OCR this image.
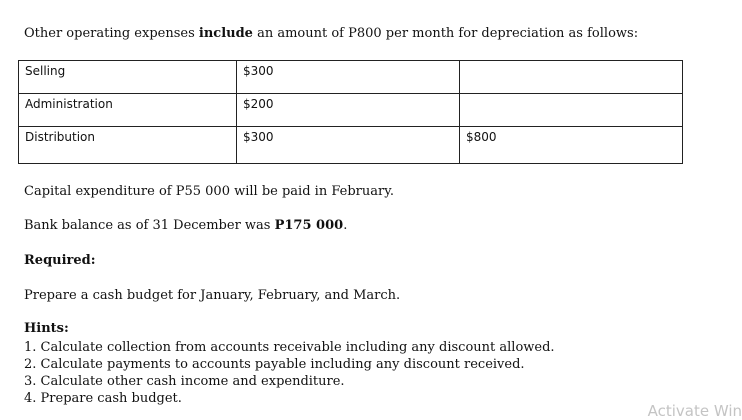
Other operating expenses include an amount of P800 per month for depreciation as follows:
Selling	$300	
Administration	$200	
Distribution	$300	$800
Capital expenditure of P55 000 will be paid in February.
Bank balance as of 31 December was P175 000.
Required:
Prepare a cash budget for January, February, and March.
Hints:
1. Calculate collection from accounts receivable including any discount allowed.
2. Calculate payments to accounts payable including any discount received.
3. Calculate other cash income and expenditure.
4. Prepare cash budget.
Activate Win
